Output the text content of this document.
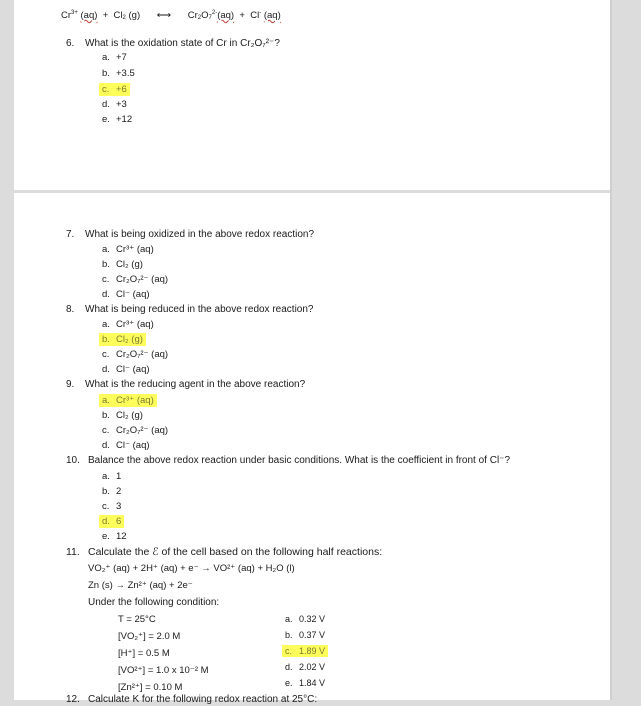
$Cr^{3+}$ $(aq) + Cl_2$ (g) ⟷ $Cr_2O_7^{2-}(aq) + Cl^-$ (aq)
6. What is the oxidation state of Cr in Cr₂O₇²⁻?
a. +7
b. +3.5
c. +6
d. +3
e. +12
7. What is being oxidized in the above redox reaction?
a. Cr³⁺ (aq)
b. Cl₂ (g)
c. Cr₂O₇²⁻ (aq)
d. Cl⁻ (aq)
8. What is being reduced in the above redox reaction?
a. Cr³⁺ (aq)
b. Cl₂ (g)
c. Cr₂O₇²⁻ (aq)
d. Cl⁻ (aq)
9. What is the reducing agent in the above reaction?
a. Cr³⁺ (aq)
b. Cl₂ (g)
c. Cr₂O₇²⁻ (aq)
d. Cl⁻ (aq)
10. Balance the above redox reaction under basic conditions. What is the coefficient in front of Cl⁻?
a. 1
b. 2
c. 3
d. 6
e. 12
11. Calculate the ℰ of the cell based on the following half reactions:
VO₂⁺ (aq) + 2H⁺ (aq) + e⁻ → VO²⁺ (aq) + H₂O (l)
Zn (s) → Zn²⁺ (aq) + 2e⁻
Under the following condition:
T = 25°C
[VO₂⁺] = 2.0 M
[H⁺] = 0.5 M
[VO²⁺] = 1.0 x 10⁻² M
[Zn²⁺] = 0.10 M
a. 0.32 V
b. 0.37 V
c. 1.89 V
d. 2.02 V
e. 1.84 V
12. Calculate K for the following redox reaction at 25°C:
